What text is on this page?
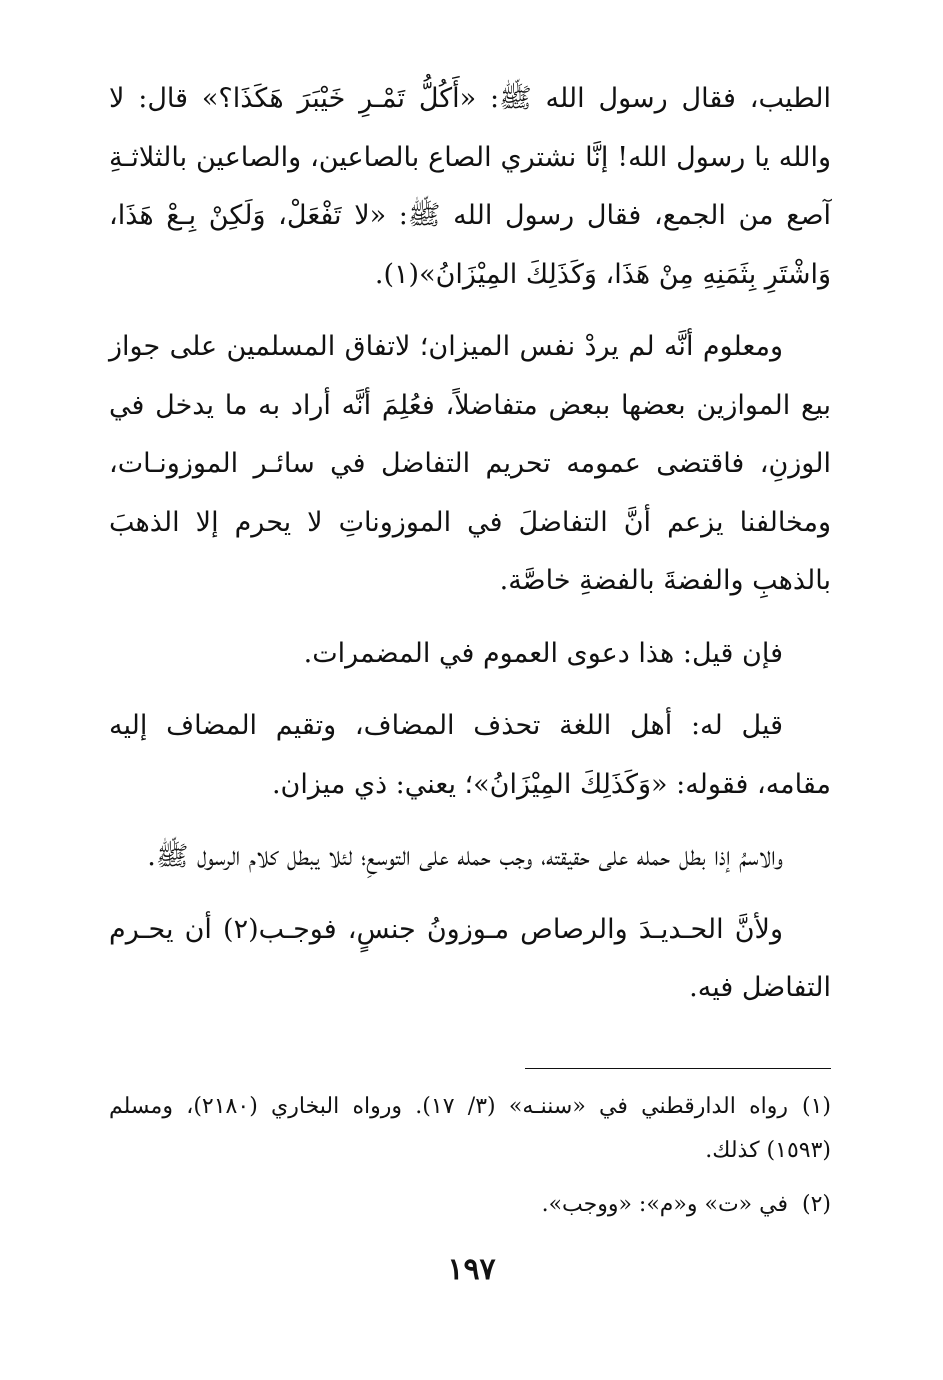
الطيب، فقال رسول الله ﷺ: «أَكُلُّ تَمْـرِ خَيْبَرَ هَكَذَا؟» قال: لا والله يا رسول الله! إنَّا نشتري الصاع بالصاعين، والصاعين بالثلاثـةِ آصع من الجمع، فقال رسول الله ﷺ: «لا تَفْعَلْ، وَلَكِنْ بِـعْ هَذَا، وَاشْتَرِ بِثَمَنِهِ مِنْ هَذَا، وَكَذَلِكَ المِيْزَانُ»(١).

ومعلوم أنَّه لم يردْ نفس الميزان؛ لاتفاق المسلمين على جواز بيع الموازين بعضها ببعض متفاضلاً، فعُلِمَ أنَّه أراد به ما يدخل في الوزنِ، فاقتضى عمومه تحريم التفاضل في سائـر الموزونـات، ومخالفنا يزعم أنَّ التفاضلَ في الموزوناتِ لا يحرم إلا الذهبَ بالذهبِ والفضةَ بالفضةِ خاصَّة.

فإن قيل: هذا دعوى العموم في المضمرات.

قيل له: أهل اللغة تحذف المضاف، وتقيم المضاف إليه مقامه، فقوله: «وَكَذَلِكَ المِيْزَانُ»؛ يعني: ذي ميزان.

والاسمُ إذا بطل حمله على حقيقته، وجب حمله على التوسعِ؛ لئلا يبطل كلام الرسول ﷺ.

ولأنَّ الحـديـدَ والرصاص مـوزونُ جنسٍ، فوجـب(٢) أن يحـرم التفاضل فيه.

(١)رواه الدارقطني في «سننـه» (٣/ ١٧). ورواه البخاري (٢١٨٠)، ومسلم (١٥٩٣) كذلك.

(٢)في «ت» و«م»: «ووجب».

١٩٧
